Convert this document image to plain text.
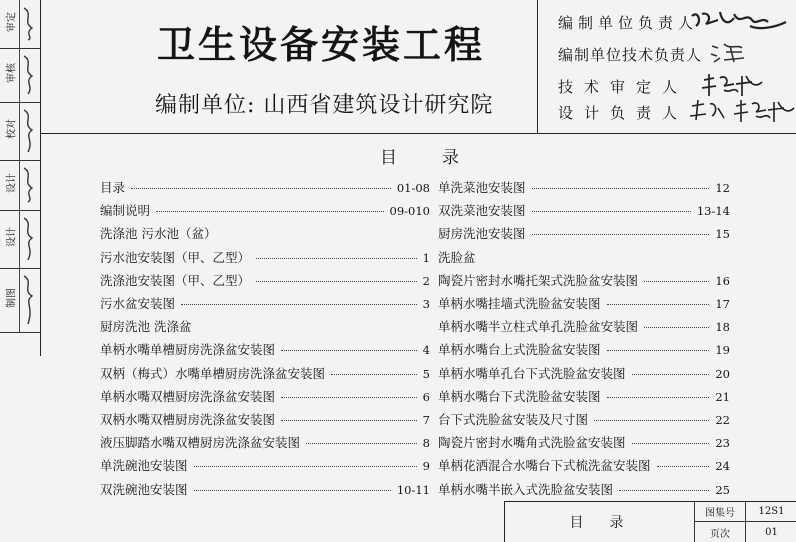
审定
审核
校对
设计
设计
制图
卫生设备安装工程
编制单位: 山西省建筑设计研究院
编制单位负责人
编制单位技术负责人
技术审定人
设计负责人
目录
目录	01-08
编制说明	09-010
洗涤池 污水池（盆）
污水池安装图（甲、乙型）	1
洗涤池安装图（甲、乙型）	2
污水盆安装图	3
厨房洗池 洗涤盆
单柄水嘴单槽厨房洗涤盆安装图	4
双柄（梅式）水嘴单槽厨房洗涤盆安装图	5
单柄水嘴双槽厨房洗涤盆安装图	6
双柄水嘴双槽厨房洗涤盆安装图	7
液压脚踏水嘴双槽厨房洗涤盆安装图	8
单洗碗池安装图	9
双洗碗池安装图	10-11
单洗菜池安装图	12
双洗菜池安装图	13-14
厨房洗池安装图	15
洗脸盆
陶瓷片密封水嘴托架式洗脸盆安装图	16
单柄水嘴挂墙式洗脸盆安装图	17
单柄水嘴半立柱式单孔洗脸盆安装图	18
单柄水嘴台上式洗脸盆安装图	19
单柄水嘴单孔台下式洗脸盆安装图	20
单柄水嘴台下式洗脸盆安装图	21
台下式洗脸盆安装及尺寸图	22
陶瓷片密封水嘴角式洗脸盆安装图	23
单柄花洒混合水嘴台下式梳洗盆安装图	24
单柄水嘴半嵌入式洗脸盆安装图	25
目录
图集号	12S1
页次	01
